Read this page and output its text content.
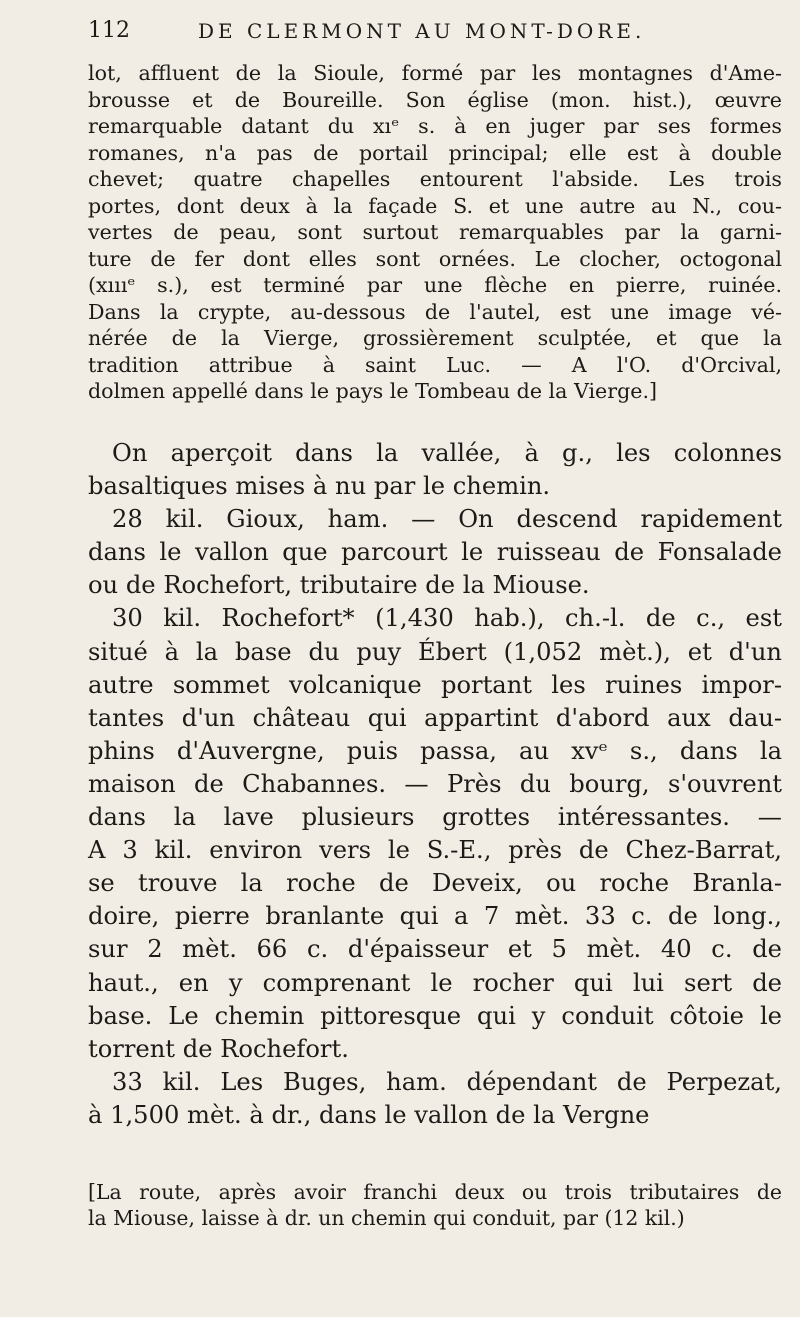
112	DE CLERMONT AU MONT-DORE.
lot, affluent de la Sioule, formé par les montagnes d'Ame-
brousse et de Boureille. Son église (mon. hist.), œuvre
remarquable datant du xıᵉ s. à en juger par ses formes
romanes, n'a pas de portail principal; elle est à double
chevet; quatre chapelles entourent l'abside. Les trois
portes, dont deux à la façade S. et une autre au N., cou-
vertes de peau, sont surtout remarquables par la garni-
ture de fer dont elles sont ornées. Le clocher, octogonal
(xıııᵉ s.), est terminé par une flèche en pierre, ruinée.
Dans la crypte, au-dessous de l'autel, est une image vé-
nérée de la Vierge, grossièrement sculptée, et que la
tradition attribue à saint Luc. — A l'O. d'Orcival,
dolmen appellé dans le pays le Tombeau de la Vierge.]
On aperçoit dans la vallée, à g., les colonnes
basaltiques mises à nu par le chemin.
28 kil. Gioux, ham. — On descend rapidement
dans le vallon que parcourt le ruisseau de Fonsalade
ou de Rochefort, tributaire de la Miouse.
30 kil. Rochefort* (1,430 hab.), ch.-l. de c., est
situé à la base du puy Ébert (1,052 mèt.), et d'un
autre sommet volcanique portant les ruines impor-
tantes d'un château qui appartint d'abord aux dau-
phins d'Auvergne, puis passa, au xvᵉ s., dans la
maison de Chabannes. — Près du bourg, s'ouvrent
dans la lave plusieurs grottes intéressantes. —
A 3 kil. environ vers le S.-E., près de Chez-Barrat,
se trouve la roche de Deveix, ou roche Branla-
doire, pierre branlante qui a 7 mèt. 33 c. de long.,
sur 2 mèt. 66 c. d'épaisseur et 5 mèt. 40 c. de
haut., en y comprenant le rocher qui lui sert de
base. Le chemin pittoresque qui y conduit côtoie le
torrent de Rochefort.
33 kil. Les Buges, ham. dépendant de Perpezat,
à 1,500 mèt. à dr., dans le vallon de la Vergne
[La route, après avoir franchi deux ou trois tributaires de
la Miouse, laisse à dr. un chemin qui conduit, par (12 kil.)
